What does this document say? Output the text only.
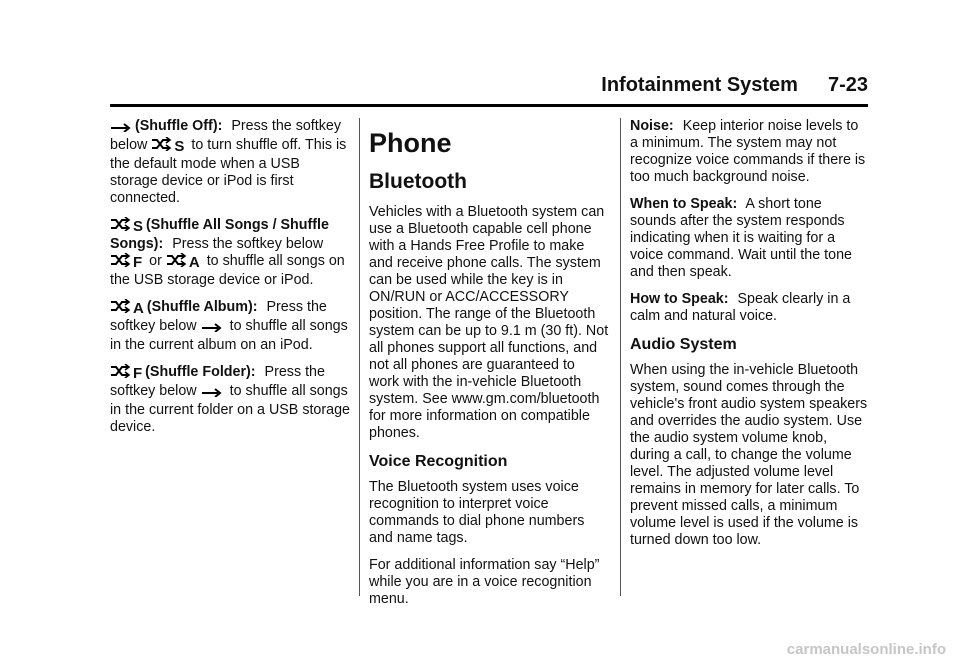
Infotainment System 7-23

(Shuffle Off): Press the softkey below S to turn shuffle off. This is the default mode when a USB storage device or iPod is first connected.

S (Shuffle All Songs / Shuffle Songs): Press the softkey below F or A to shuffle all songs on the USB storage device or iPod.

A (Shuffle Album): Press the softkey below to shuffle all songs in the current album on an iPod.

F (Shuffle Folder): Press the softkey below to shuffle all songs in the current folder on a USB storage device.

Phone
Bluetooth

Vehicles with a Bluetooth system can use a Bluetooth capable cell phone with a Hands Free Profile to make and receive phone calls. The system can be used while the key is in ON/RUN or ACC/ACCESSORY position. The range of the Bluetooth system can be up to 9.1 m (30 ft). Not all phones support all functions, and not all phones are guaranteed to work with the in-vehicle Bluetooth system. See www.gm.com/bluetooth for more information on compatible phones.

Voice Recognition

The Bluetooth system uses voice recognition to interpret voice commands to dial phone numbers and name tags.

For additional information say “Help” while you are in a voice recognition menu.

Noise: Keep interior noise levels to a minimum. The system may not recognize voice commands if there is too much background noise.

When to Speak: A short tone sounds after the system responds indicating when it is waiting for a voice command. Wait until the tone and then speak.

How to Speak: Speak clearly in a calm and natural voice.

Audio System

When using the in-vehicle Bluetooth system, sound comes through the vehicle's front audio system speakers and overrides the audio system. Use the audio system volume knob, during a call, to change the volume level. The adjusted volume level remains in memory for later calls. To prevent missed calls, a minimum volume level is used if the volume is turned down too low.

carmanualsonline.info
